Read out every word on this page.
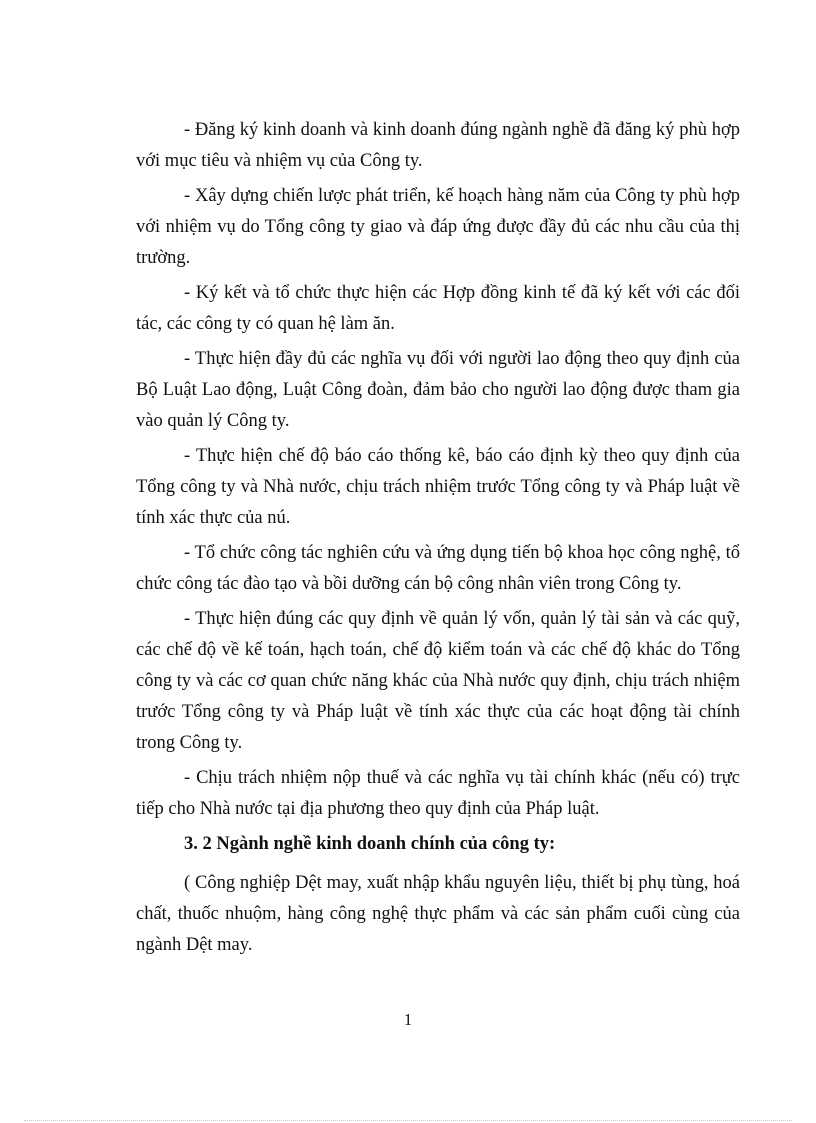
- Đăng ký kinh doanh và kinh doanh đúng ngành nghề đã đăng ký phù hợp với mục tiêu và nhiệm vụ của Công ty.

- Xây dựng chiến lược phát triển, kế hoạch hàng năm của Công ty phù hợp với nhiệm vụ do Tổng công ty giao và đáp ứng được đầy đủ các nhu cầu của thị trường.

- Ký kết và tổ chức thực hiện các Hợp đồng kinh tế đã ký kết với các đối tác, các công ty có quan hệ làm ăn.

- Thực hiện đầy đủ các nghĩa vụ đối với người lao động theo quy định của Bộ Luật Lao động, Luật Công đoàn, đảm bảo cho người lao động được tham gia vào quản lý Công ty.

- Thực hiện chế độ báo cáo thống kê, báo cáo định kỳ theo quy định của Tổng công ty và Nhà nước, chịu trách nhiệm trước Tổng công ty và Pháp luật về tính xác thực của nú.

- Tổ chức công tác nghiên cứu và ứng dụng tiến bộ khoa học công nghệ, tổ chức công tác đào tạo và bồi dưỡng cán bộ công nhân viên trong Công ty.

- Thực hiện đúng các quy định về quản lý vốn, quản lý tài sản và các quỹ, các chế độ về kế toán, hạch toán, chế độ kiểm toán và các chế độ khác do Tổng công ty và các cơ quan chức năng khác của Nhà nước quy định, chịu trách nhiệm trước Tổng công ty và Pháp luật về tính xác thực của các hoạt động tài chính trong Công ty.

- Chịu trách nhiệm nộp thuế và các nghĩa vụ tài chính khác (nếu có) trực tiếp cho Nhà nước tại địa phương theo quy định của Pháp luật.

3. 2 Ngành nghề kinh doanh chính của công ty:

( Công nghiệp Dệt may, xuất nhập khẩu nguyên liệu, thiết bị phụ tùng, hoá chất, thuốc nhuộm, hàng công nghệ thực phẩm và các sản phẩm cuối cùng của ngành Dệt may.

1
